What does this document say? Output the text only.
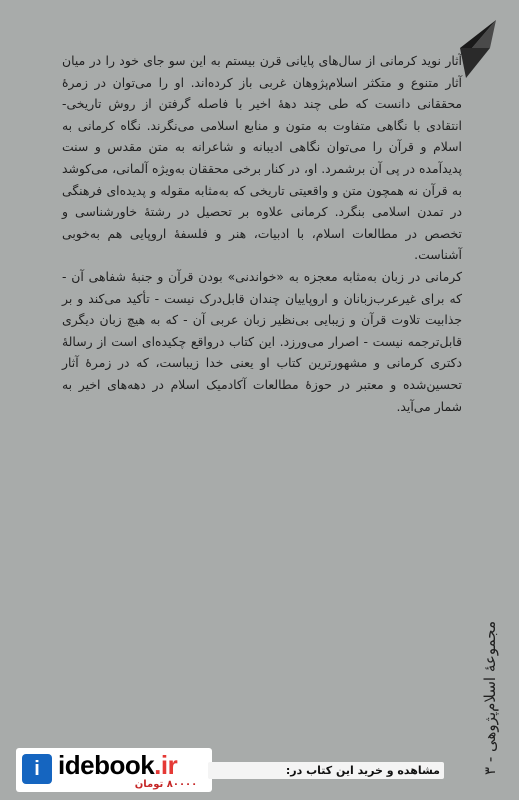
آثار نوید کرمانی از سال‌های پایانی قرن بیستم به این سو جای خود را در میان آثار متنوع و متکثر اسلام‌پژوهان غربی باز کرده‌اند. او را می‌توان در زمرهٔ محققانی دانست که طی چند دههٔ اخیر با فاصله گرفتن از روش تاریخی-انتقادی با نگاهی متفاوت به متون و منابع اسلامی می‌نگرند. نگاه کرمانی به اسلام و قرآن را می‌توان نگاهی ادیبانه و شاعرانه به متن مقدس و سنت پدیدآمده در پی آن برشمرد. او، در کنار برخی محققان به‌ویژه آلمانی، می‌کوشد به قرآن نه همچون متن و واقعیتی تاریخی که به‌مثابه مقوله و پدیده‌ای فرهنگی در تمدن اسلامی بنگرد. کرمانی علاوه بر تحصیل در رشتهٔ خاورشناسی و تخصص در مطالعات اسلام، با ادبیات، هنر و فلسفهٔ اروپایی هم به‌خوبی آشناست.

کرمانی در زبان به‌مثابه معجزه به «خواندنی» بودن قرآن و جنبهٔ شفاهی آن - که برای غیرعرب‌زبانان و اروپاییان چندان قابل‌درک نیست - تأکید می‌کند و بر جذابیت تلاوت قرآن و زیبایی بی‌نظیر زبان عربی آن - که به هیچ زبان دیگری قابل‌ترجمه نیست - اصرار می‌ورزد. این کتاب درواقع چکیده‌ای است از رسالهٔ دکتری کرمانی و مشهورترین کتاب او یعنی خدا زیباست، که در زمرهٔ آثار تحسین‌شده و معتبر در حوزهٔ مطالعات آکادمیک اسلام در دهه‌های اخیر به شمار می‌آید.

مجموعهٔ اسلام‌پژوهی - ۳
i idebook.ir	مشاهده و خرید این کتاب در:
۸۰۰۰۰ تومان
